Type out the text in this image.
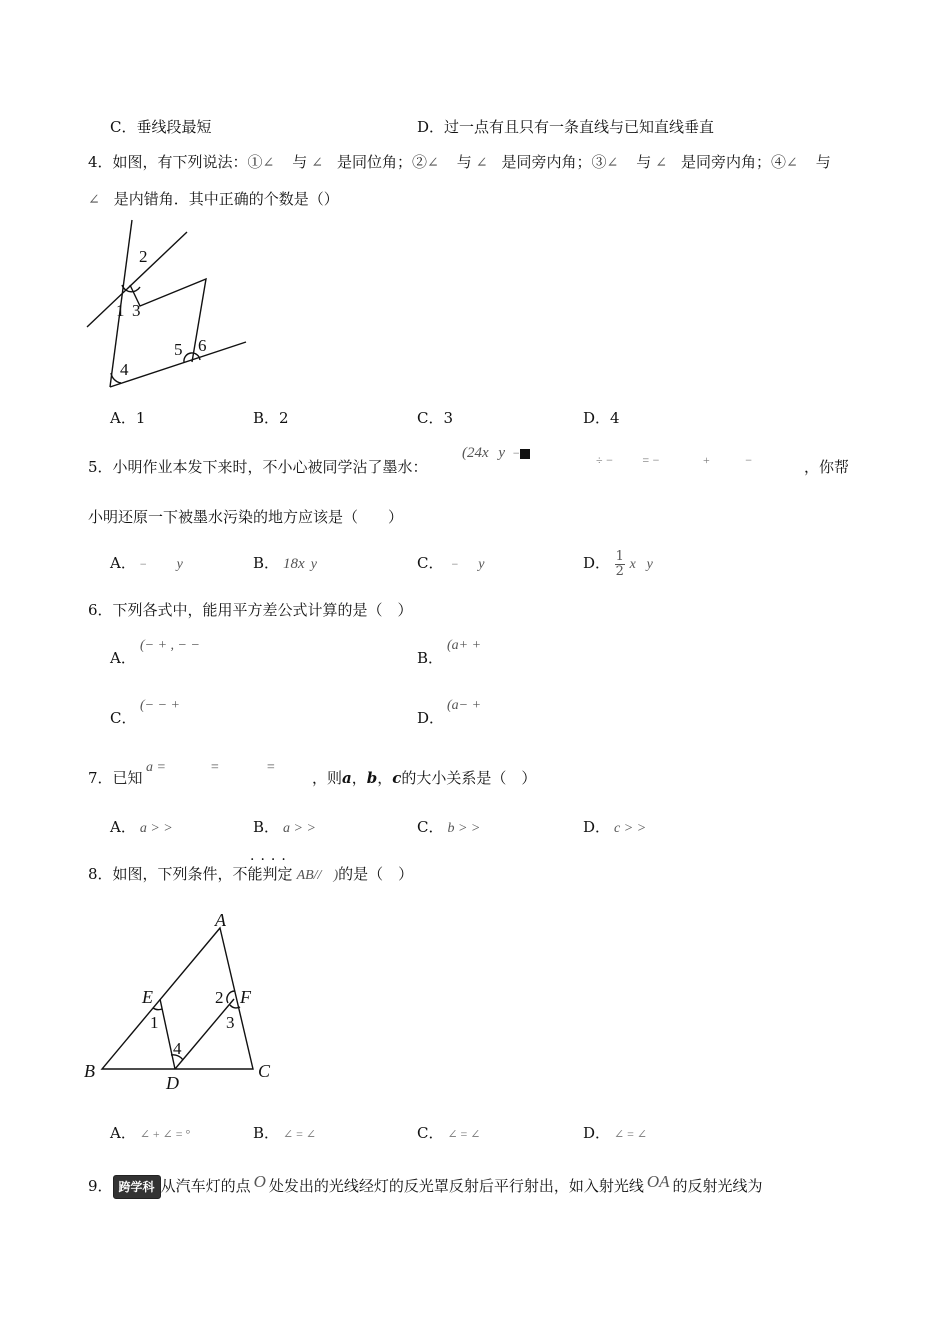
C．垂线段最短	D．过一点有且只有一条直线与已知直线垂直
4．如图，有下列说法：①∠ 与 ∠ 是同位角；②∠ 与 ∠ 是同旁内角；③∠ 与 ∠ 是同旁内角；④∠ 与
∠ 是内错角．其中正确的个数是（）
1
2
3
4
5 6
A．1	B．2	C．3	D．4
5．小明作业本发下来时，不小心被同学沾了墨水：
(24x y −	÷ − = −	+	−	，你帮
小明还原一下被墨水污染的地方应该是（　　）
A． − y	B． 18x y	C． − y	D． $\frac{1}{2}$ x y
6．下列各式中，能用平方差公式计算的是（　）
A．
(− + , − −
B．
(a+ +
C．
(− − +
D．
(a− +
7．已知
a =	=	=
，则a，b，c的大小关系是（　）
A． a > >	B． a > >	C． b > >	D． c > >
····
8．如图，下列条件，不能判定 AB// )的是（　）
A
B	C
D
E	F
1
2
3
4
A． ∠ + ∠ = °	B． ∠ = ∠	C． ∠ = ∠	D． ∠ = ∠
9． 跨学科 从汽车灯的点 O 处发出的光线经灯的反光罩反射后平行射出，如入射光线 OA 的反射光线为
